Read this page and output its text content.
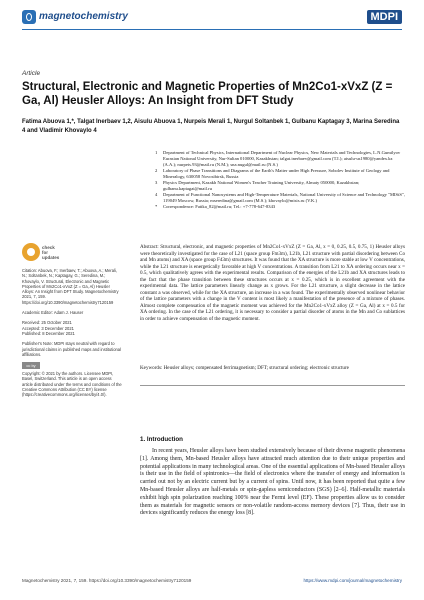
magnetochemistry	MDPI
Article
Structural, Electronic and Magnetic Properties of Mn2Co1-xVxZ (Z = Ga, Al) Heusler Alloys: An Insight from DFT Study
Fatima Abuova 1,*, Talgat Inerbaev 1,2, Aisulu Abuova 1, Nurpeis Merali 1, Nurgul Soltanbek 1, Gulbanu Kaptagay 3, Marina Seredina 4 and Vladimir Khovaylo 4
1	Department of Technical Physics, International Department of Nuclear Physics, New Materials and Technologies, L.N.Gumilyov Eurasian National University, Nur-Sultan 010000, Kazakhstan; talgat.inerbaev@gmail.com (T.I.); aisulu-us1980@yandex.kz (A.A.); nurpeis.93@mail.ru (N.M.); sna.nugul@mail.ru (N.S.)
2	Laboratory of Phase Transitions and Diagrams of the Earth's Matter under High Pressure, Sobolev Institute of Geology and Mineralogy, 630058 Novosibirsk, Russia
3	Physics Department, Kazakh National Women's Teacher Training University, Almaty 050000, Kazakhstan; gulbanu.kaptagai@mail.ru
4	Department of Functional Nanosystems and High-Temperature Materials, National University of Science and Technology "MISiS", 119049 Moscow, Russia; mseredina@gmail.com (M.S.); khovaylo@misis.ru (V.K.)
*	Correspondence: Fatika_82@mail.ru; Tel.: +7-778-647-8343
check for updates
Citation: Abuova, F.; Inerbaev, T.; Abuova, A.; Merali, N.; Soltanbek, N.; Kaptagay, G.; Seredina, M.; Khovaylo, V. Structural, Electronic and Magnetic Properties of Mn2Co1-xVxZ (Z = Ga, Al) Heusler Alloys: An Insight from DFT Study. Magnetochemistry 2021, 7, 159. https://doi.org/10.3390/magnetochemistry7120159
Academic Editor: Adam J. Hauser
Received: 25 October 2021
Accepted: 3 December 2021
Published: 8 December 2021
Publisher's Note: MDPI stays neutral with regard to jurisdictional claims in published maps and institutional affiliations.
cc by
Copyright: © 2021 by the authors. Licensee MDPI, Basel, Switzerland. This article is an open access article distributed under the terms and conditions of the Creative Commons Attribution (CC BY) license (https://creativecommons.org/licenses/by/4.0/).
Abstract: Structural, electronic, and magnetic properties of Mn2Co1-xVxZ (Z = Ga, Al, x = 0, 0.25, 0.5, 0.75, 1) Heusler alloys were theoretically investigated for the case of L21 (space group Fm3m), L21b, L21 structure with partial disordering between Co and Mn atoms) and XA (space group F43m) structures. It was found that the XA structure is more stable at low V concentrations, while the L21 structure is energetically favorable at high V concentrations. A transition from L21 to XA ordering occurs near x = 0.5, which qualitatively agrees with the experimental results. Comparison of the energies of the L21b and XA structures leads to the fact that the phase transition between these structures occurs at x = 0.25, which is in excellent agreement with the experimental data. The lattice parameters linearly change as x grows. For the L21 structure, a slight decrease in the lattice constant a was observed, while for the XA structure, an increase in a was found. The experimentally observed nonlinear behavior of the lattice parameters with a change in the V content is most likely a manifestation of the presence of a mixture of phases. Almost complete compensation of the magnetic moment was achieved for the Mn2Co1-xVxZ alloy (Z = Ga, Al) at x = 0.5 for XA ordering. In the case of the L21 ordering, it is necessary to consider a partial disorder of atoms in the Mn and Co sublattices in order to achieve compensation of the magnetic moment.
Keywords: Heusler alloys; compensated ferrimagnetism; DFT; structural ordering; electronic structure
1. Introduction
In recent years, Heusler alloys have been studied extensively because of their diverse magnetic phenomena [1]. Among them, Mn-based Heusler alloys have attracted much attention due to their unique properties and potential applications in many technological areas. One of the essential applications of Mn-based Heusler alloys is their use in the field of spintronics—the field of electronics where the transfer of energy and information is carried out not by an electric current but by a current of spins. Until now, it has been reported that quite a few Mn-based Heusler alloys are half-metals or spin-gapless semiconductors (SGS) [2–6]. Half-metallic materials exhibit high spin polarization reaching 100% near the Fermi level (EF). These properties allow us to consider them as materials for magnetic sensors or non-volatile random-access memory devices [7]. Thus, their use in devices significantly reduces the energy loss [8].
Magnetochemistry 2021, 7, 159. https://doi.org/10.3390/magnetochemistry7120159	https://www.mdpi.com/journal/magnetochemistry
